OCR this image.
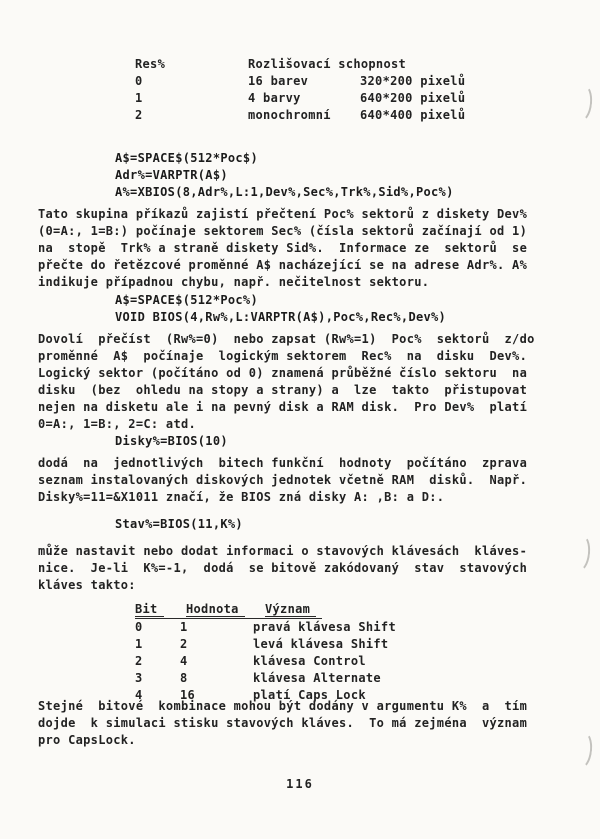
Res%	Rozlišovací schopnost
0	16 barev	320*200 pixelů
1	4 barvy	640*200 pixelů
2	monochromní	640*400 pixelů
A$=SPACE$(512*Poc$)
Adr%=VARPTR(A$)
A%=XBIOS(8,Adr%,L:1,Dev%,Sec%,Trk%,Sid%,Poc%)
Tato skupina příkazů zajistí přečtení Poc% sektorů z diskety Dev%
(0=A:, 1=B:) počínaje sektorem Sec% (čísla sektorů začínají od 1)
na  stopě  Trk% a straně diskety Sid%.  Informace ze  sektorů  se
přečte do řetězcové proměnné A$ nacházející se na adrese Adr%. A%
indikuje případnou chybu, např. nečitelnost sektoru.
A$=SPACE$(512*Poc%)
VOID BIOS(4,Rw%,L:VARPTR(A$),Poc%,Rec%,Dev%)
Dovolí  přečíst  (Rw%=0)  nebo zapsat (Rw%=1)  Poc%  sektorů  z/do
proměnné  A$  počínaje  logickým sektorem  Rec%  na  disku  Dev%.
Logický sektor (počítáno od 0) znamená průběžné číslo sektoru  na
disku  (bez  ohledu na stopy a strany) a  lze  takto  přistupovat
nejen na disketu ale i na pevný disk a RAM disk.  Pro Dev%  platí
0=A:, 1=B:, 2=C: atd.
Disky%=BIOS(10)
dodá  na  jednotlivých  bitech funkční  hodnoty  počítáno  zprava
seznam instalovaných diskových jednotek včetně RAM  disků.  Např.
Disky%=11=&X1011 značí, že BIOS zná disky A: ,B: a D:.
Stav%=BIOS(11,K%)
může nastavit nebo dodat informaci o stavových klávesách  kláves-
nice.  Je-li  K%=-1,  dodá  se bitově zakódovaný  stav  stavových
kláves takto:
Bit	Hodnota	Význam
0	1	pravá klávesa Shift
1	2	levá klávesa Shift
2	4	klávesa Control
3	8	klávesa Alternate
4	16	platí Caps Lock
Stejné  bitové  kombinace mohou být dodány v argumentu K%  a  tím
dojde  k simulaci stisku stavových kláves.  To má zejména  význam
pro CapsLock.
116
